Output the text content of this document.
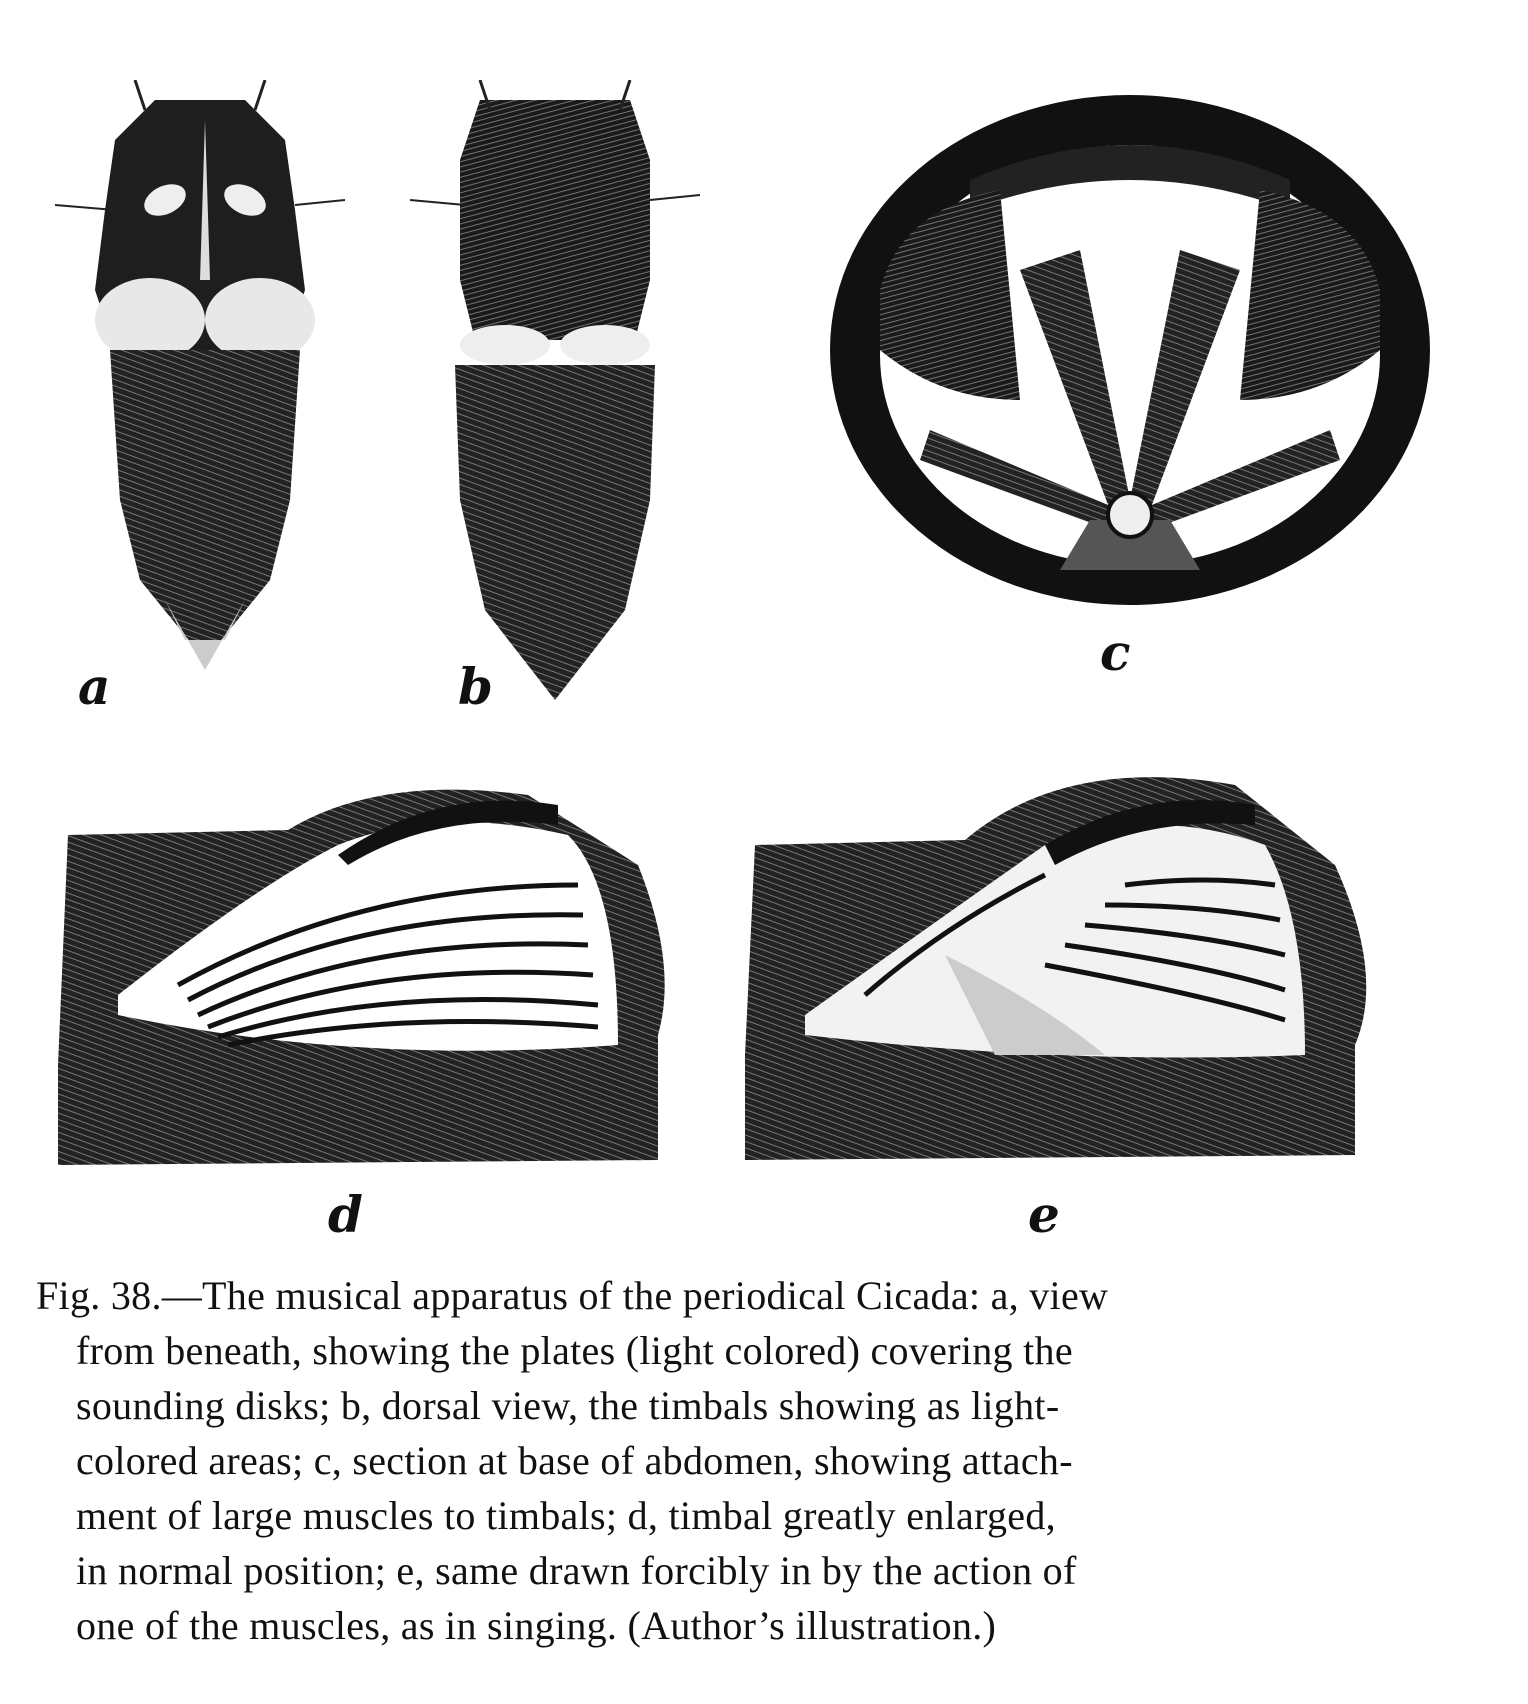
a	b
c
d	e
Fig. 38.—The musical apparatus of the periodical Cicada: a, view
from beneath, showing the plates (light colored) covering the
sounding disks; b, dorsal view, the timbals showing as light-
colored areas; c, section at base of abdomen, showing attach-
ment of large muscles to timbals; d, timbal greatly enlarged,
in normal position; e, same drawn forcibly in by the action of
one of the muscles, as in singing. (Author’s illustration.)
